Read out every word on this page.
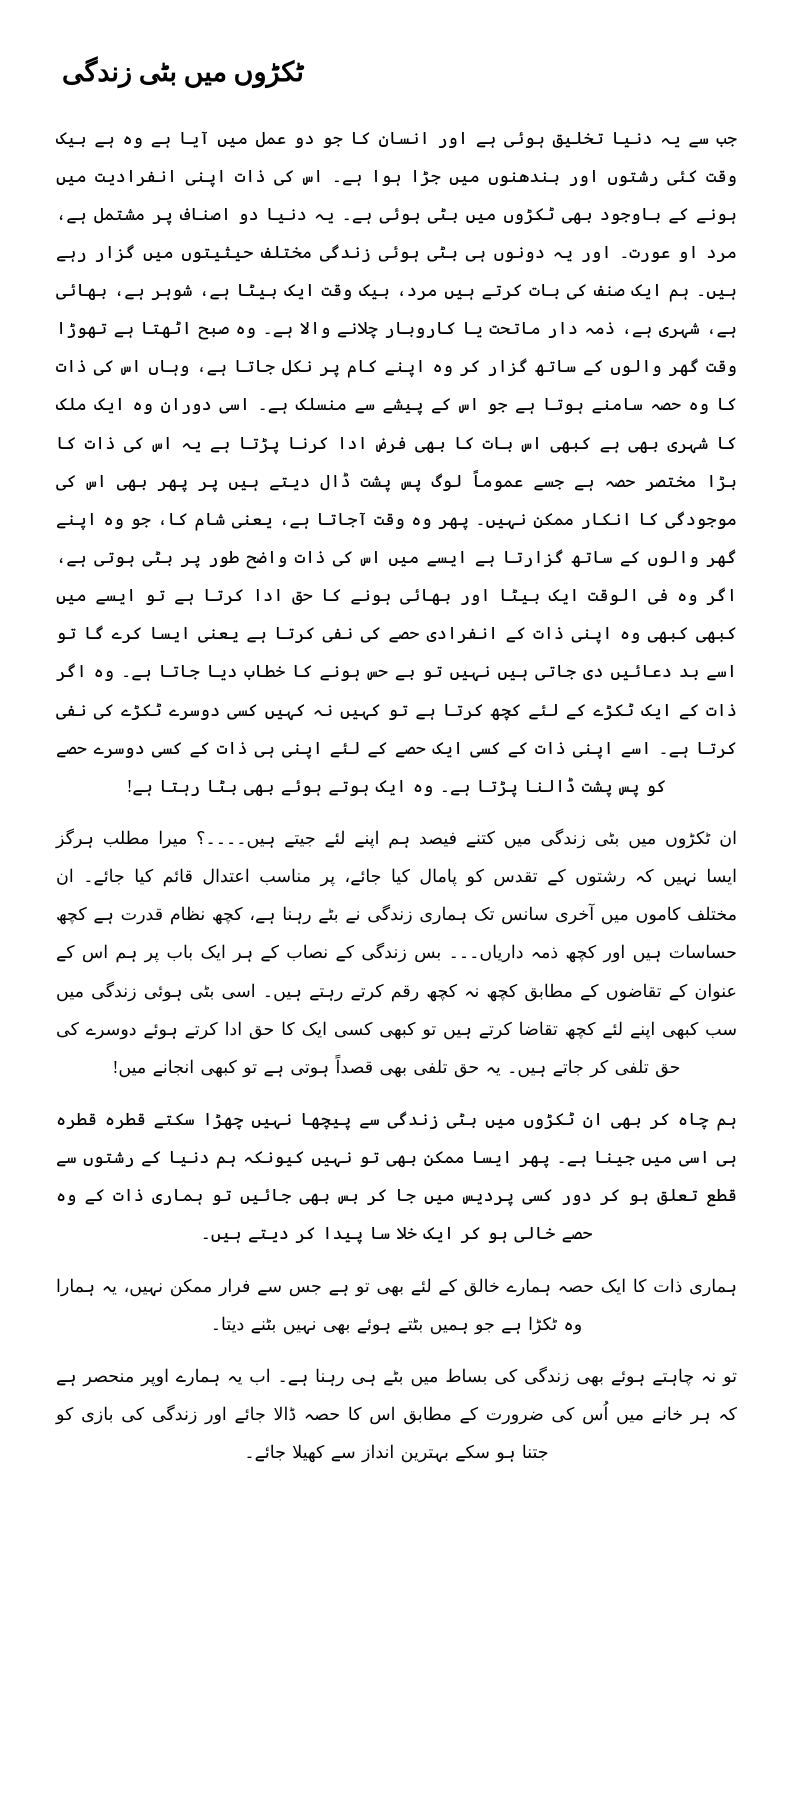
ٹکڑوں میں بٹی زندگی

جب سے یہ دنیا تخلیق ہوئی ہے اور انسان کا جو دو عمل میں آیا ہے وہ ہے بیک وقت کئی رشتوں اور بندھنوں میں جڑا ہوا ہے۔ اس کی ذات اپنی انفرادیت میں ہونے کے باوجود بھی ٹکڑوں میں بٹی ہوئی ہے۔ یہ دنیا دو اصناف پر مشتمل ہے، مرد او عورت۔ اور یہ دونوں ہی بٹی ہوئی زندگی مختلف حیثیتوں میں گزار رہے ہیں۔ ہم ایک صنف کی بات کرتے ہیں مرد، بیک وقت ایک بیٹا ہے، شوہر ہے، بھائی ہے، شہری ہے، ذمہ دار ماتحت یا کاروبار چلانے والا ہے۔ وہ صبح اٹھتا ہے تھوڑا وقت گھر والوں کے ساتھ گزار کر وہ اپنے کام پر نکل جاتا ہے، وہاں اس کی ذات کا وہ حصہ سامنے ہوتا ہے جو اس کے پیشے سے منسلک ہے۔ اسی دوران وہ ایک ملک کا شہری بھی ہے کبھی اس بات کا بھی فرض ادا کرنا پڑتا ہے یہ اس کی ذات کا بڑا مختصر حصہ ہے جسے عموماً لوگ پس پشت ڈال دیتے ہیں پر پھر بھی اس کی موجودگی کا انکار ممکن نہیں۔ پھر وہ وقت آجاتا ہے، یعنی شام کا، جو وہ اپنے گھر والوں کے ساتھ گزارتا ہے ایسے میں اس کی ذات واضح طور پر بٹی ہوتی ہے، اگر وہ فی الوقت ایک بیٹا اور بھائی ہونے کا حق ادا کرتا ہے تو ایسے میں کبھی کبھی وہ اپنی ذات کے انفرادی حصے کی نفی کرتا ہے یعنی ایسا کرے گا تو اسے بد دعائیں دی جاتی ہیں نہیں تو بے حس ہونے کا خطاب دیا جاتا ہے۔ وہ اگر ذات کے ایک ٹکڑے کے لئے کچھ کرتا ہے تو کہیں نہ کہیں کسی دوسرے ٹکڑے کی نفی کرتا ہے۔ اسے اپنی ذات کے کسی ایک حصے کے لئے اپنی ہی ذات کے کسی دوسرے حصے کو پس پشت ڈالنا پڑتا ہے۔ وہ ایک ہوتے ہوئے بھی بٹا رہتا ہے!

ان ٹکڑوں میں بٹی زندگی میں کتنے فیصد ہم اپنے لئے جیتے ہیں۔۔۔۔؟ میرا مطلب ہرگز ایسا نہیں کہ رشتوں کے تقدس کو پامال کیا جائے، پر مناسب اعتدال قائم کیا جائے۔ ان مختلف کاموں میں آخری سانس تک ہماری زندگی نے بٹے رہنا ہے، کچھ نظام قدرت ہے کچھ حساسات ہیں اور کچھ ذمہ داریاں۔۔۔ بس زندگی کے نصاب کے ہر ایک باب پر ہم اس کے عنوان کے تقاضوں کے مطابق کچھ نہ کچھ رقم کرتے رہتے ہیں۔ اسی بٹی ہوئی زندگی میں سب کبھی اپنے لئے کچھ تقاضا کرتے ہیں تو کبھی کسی ایک کا حق ادا کرتے ہوئے دوسرے کی حق تلفی کر جاتے ہیں۔ یہ حق تلفی بھی قصداً ہوتی ہے تو کبھی انجانے میں!

ہم چاہ کر بھی ان ٹکڑوں میں بٹی زندگی سے پیچھا نہیں چھڑا سکتے قطرہ قطرہ ہی اسی میں جینا ہے۔ پھر ایسا ممکن بھی تو نہیں کیونکہ ہم دنیا کے رشتوں سے قطع تعلق ہو کر دور کسی پردیس میں جا کر بس بھی جائیں تو ہماری ذات کے وہ حصے خالی ہو کر ایک خلا سا پیدا کر دیتے ہیں۔

ہماری ذات کا ایک حصہ ہمارے خالق کے لئے بھی تو ہے جس سے فرار ممکن نہیں، یہ ہمارا وہ ٹکڑا ہے جو ہمیں بٹتے ہوئے بھی نہیں بٹنے دیتا۔

تو نہ چاہتے ہوئے بھی زندگی کی بساط میں بٹے ہی رہنا ہے۔ اب یہ ہمارے اوپر منحصر ہے کہ ہر خانے میں اُس کی ضرورت کے مطابق اس کا حصہ ڈالا جائے اور زندگی کی بازی کو جتنا ہو سکے بہترین انداز سے کھیلا جائے۔
